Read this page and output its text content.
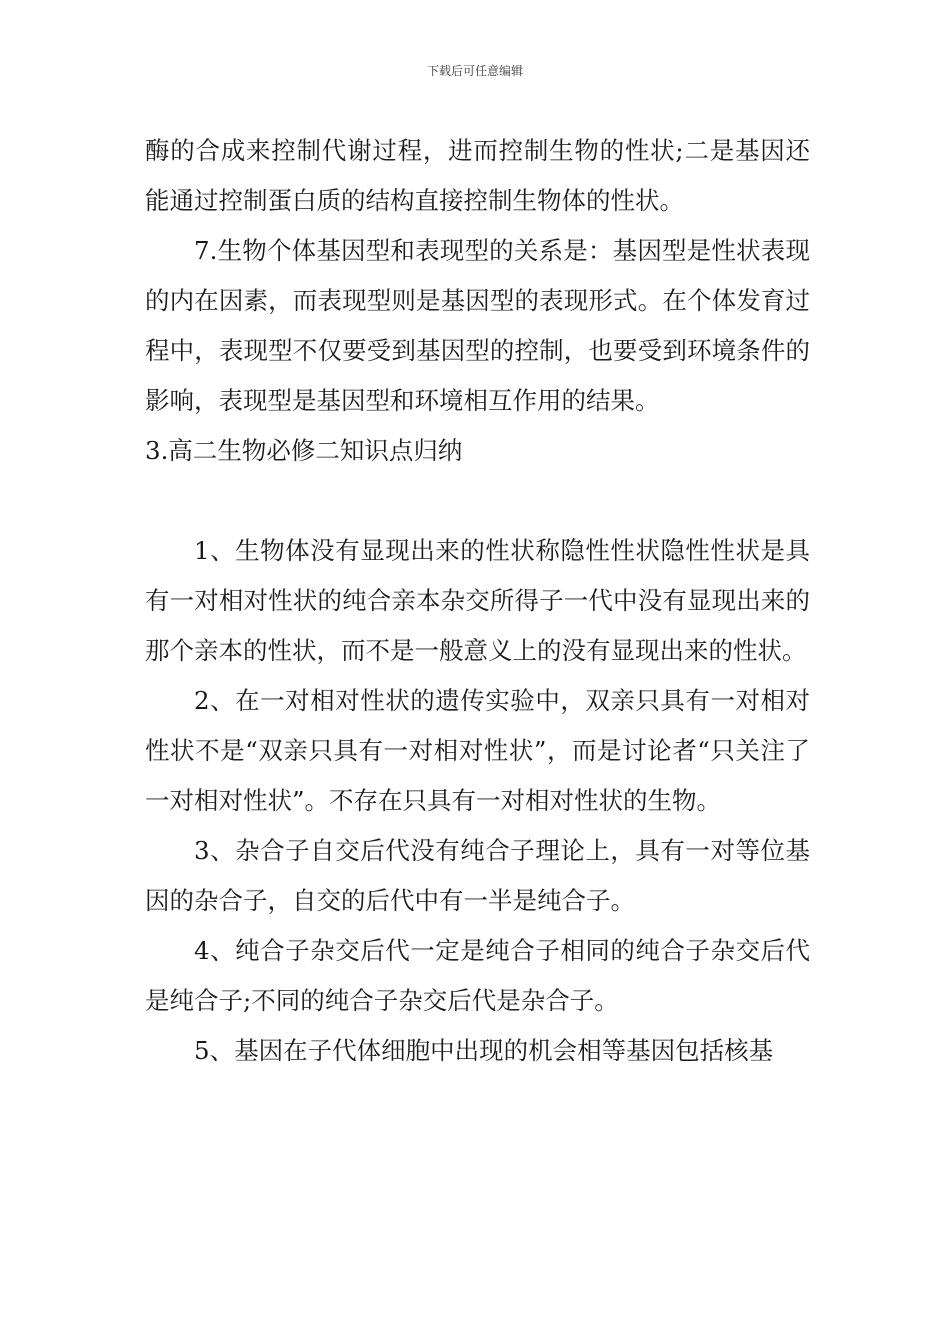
下载后可任意编辑

酶的合成来控制代谢过程，进而控制生物的性状;二是基因还能通过控制蛋白质的结构直接控制生物体的性状。

7.生物个体基因型和表现型的关系是：基因型是性状表现的内在因素，而表现型则是基因型的表现形式。在个体发育过程中，表现型不仅要受到基因型的控制，也要受到环境条件的影响，表现型是基因型和环境相互作用的结果。

3.高二生物必修二知识点归纳

1、生物体没有显现出来的性状称隐性性状隐性性状是具有一对相对性状的纯合亲本杂交所得子一代中没有显现出来的那个亲本的性状，而不是一般意义上的没有显现出来的性状。

2、在一对相对性状的遗传实验中，双亲只具有一对相对性状不是“双亲只具有一对相对性状”，而是讨论者“只关注了一对相对性状”。不存在只具有一对相对性状的生物。

3、杂合子自交后代没有纯合子理论上，具有一对等位基因的杂合子，自交的后代中有一半是纯合子。

4、纯合子杂交后代一定是纯合子相同的纯合子杂交后代是纯合子;不同的纯合子杂交后代是杂合子。

5、基因在子代体细胞中出现的机会相等基因包括核基
